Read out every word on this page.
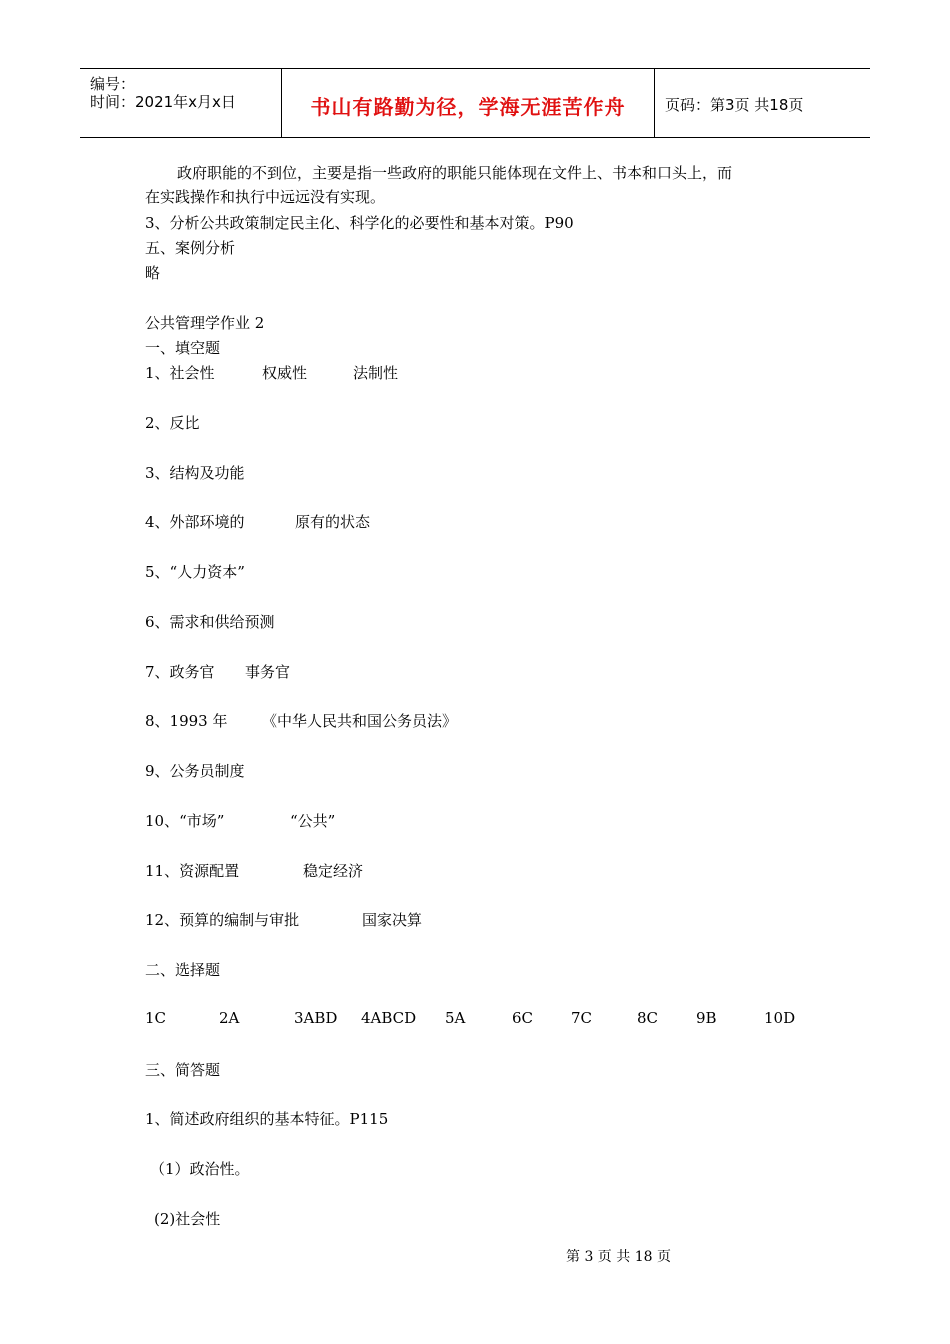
编号：
时间：2021年x月x日	书山有路勤为径，学海无涯苦作舟	页码：第3页 共18页
政府职能的不到位，主要是指一些政府的职能只能体现在文件上、书本和口头上，而
在实践操作和执行中远远没有实现。
3、分析公共政策制定民主化、科学化的必要性和基本对策。P90
五、案例分析
略
公共管理学作业 2
一、填空题
1、社会性	权威性	法制性
2、反比
3、结构及功能
4、外部环境的	原有的状态
5、“人力资本”
6、需求和供给预测
7、政务官 事务官
8、1993 年 《中华人民共和国公务员法》
9、公务员制度
10、“市场”	“公共”
11、资源配置	稳定经济
12、预算的编制与审批	国家决算
二、选择题
1C	2A	3ABD 4ABCD 5A	6C	7C	8C	9B	10D
三、简答题
1、简述政府组织的基本特征。P115
（1）政治性。
(2)社会性
第 3 页 共 18 页
